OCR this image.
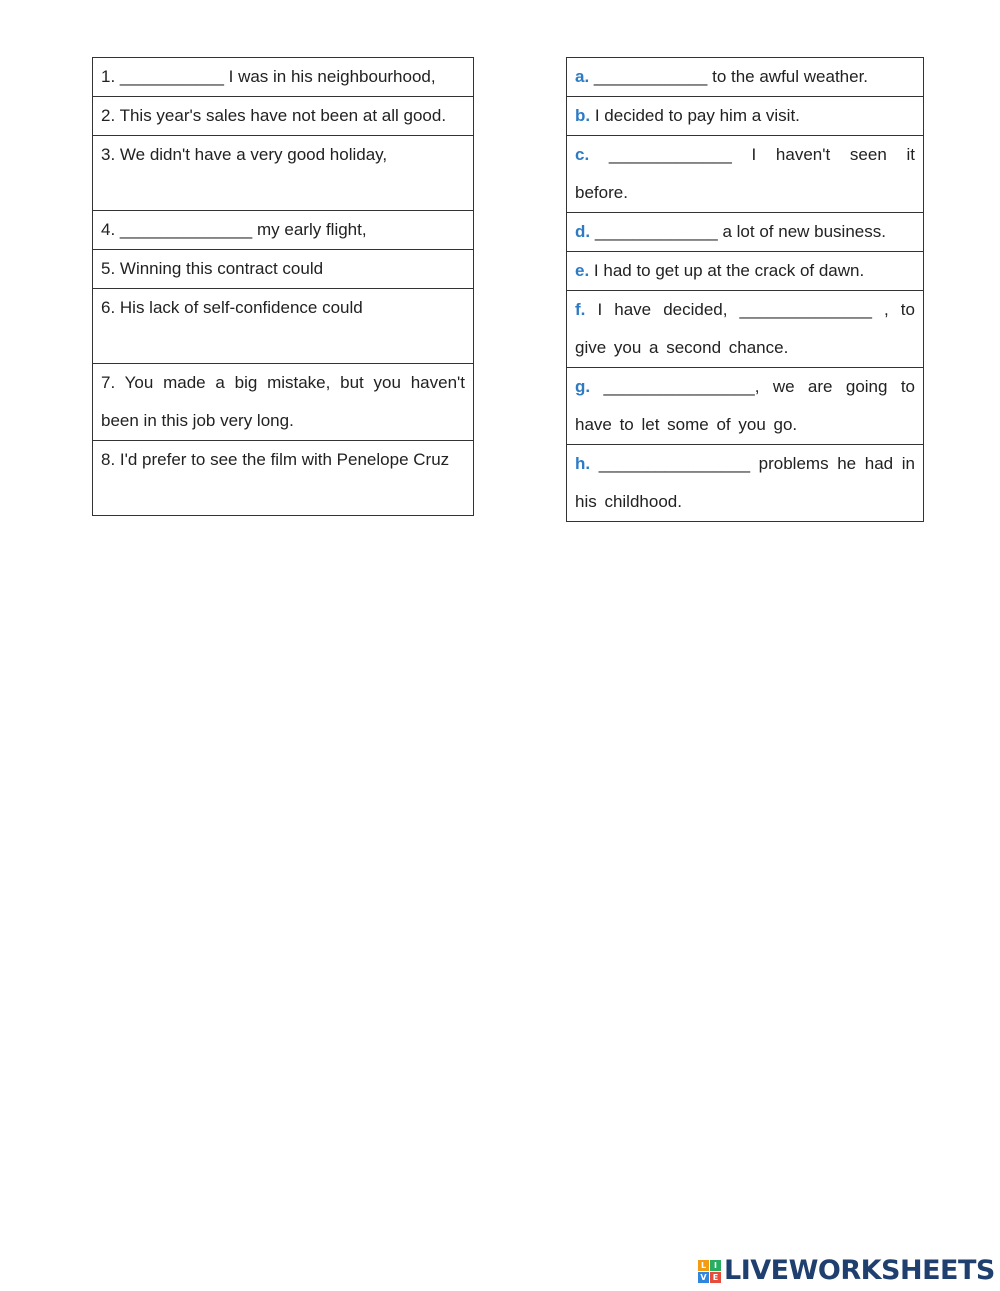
1. ___________ I was in his neighbourhood,
2. This year's sales have not been at all good.
3. We didn't have a very good holiday,
4. ______________ my early flight,
5. Winning this contract could
6. His lack of self-confidence could
7. You made a big mistake, but you haven't been in this job very long.
8. I'd prefer to see the film with Penelope Cruz
a. ____________ to the awful weather.
b. I decided to pay him a visit.
c. _____________ I haven't seen it before.
d. _____________ a lot of new business.
e. I had to get up at the crack of dawn.
f. I have decided, ______________ , to give you a second chance.
g. ________________, we are going to have to let some of you go.
h. ________________ problems he had in his childhood.
L I
V E LIVEWORKSHEETS
